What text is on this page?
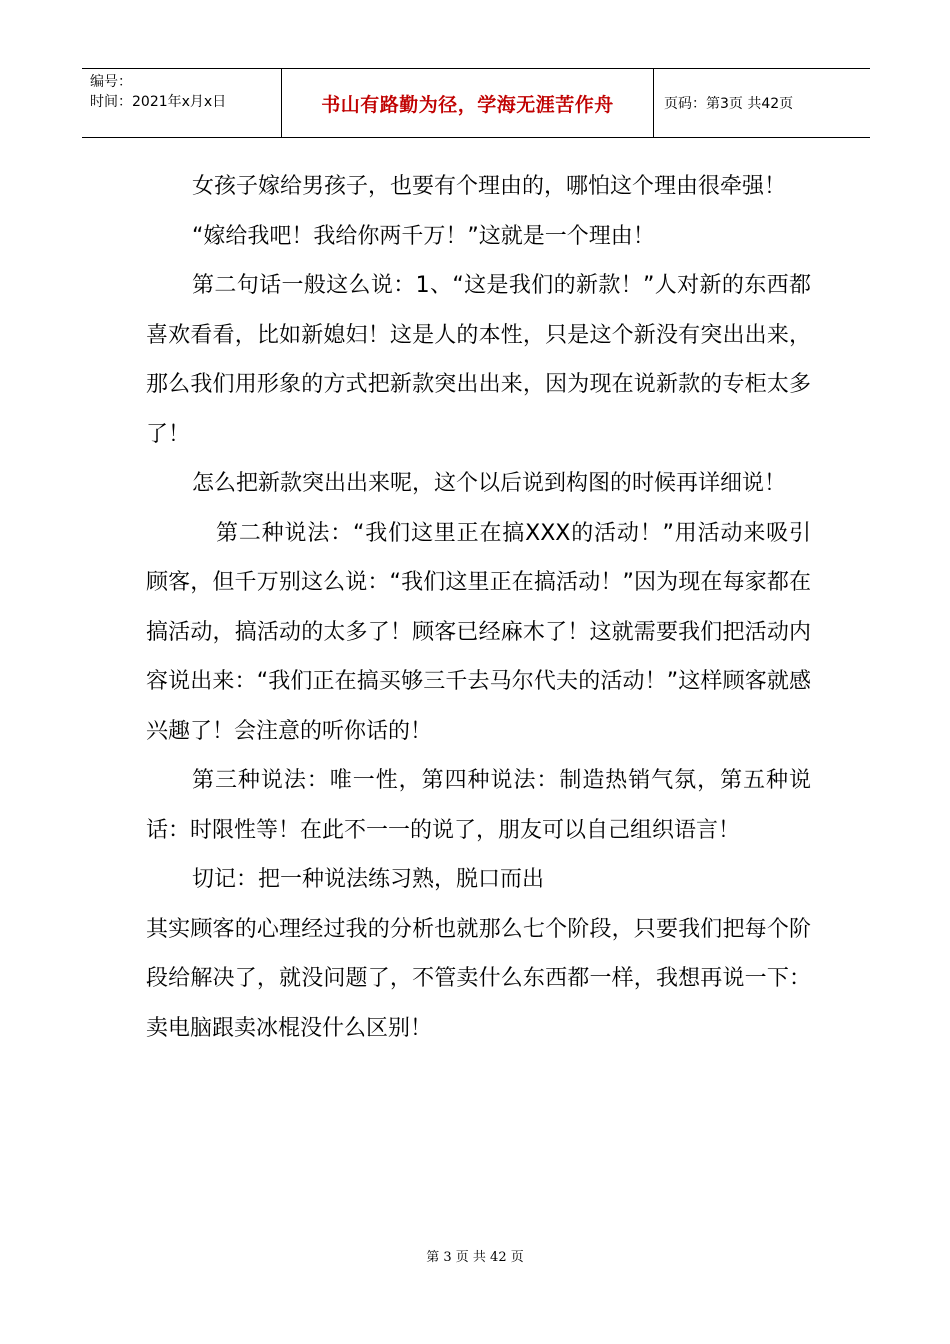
编号：
时间：2021年x月x日	书山有路勤为径，学海无涯苦作舟	页码：第3页 共42页

女孩子嫁给男孩子，也要有个理由的，哪怕这个理由很牵强！

“嫁给我吧！我给你两千万！”这就是一个理由！

第二句话一般这么说：1、“这是我们的新款！”人对新的东西都喜欢看看，比如新媳妇！这是人的本性，只是这个新没有突出出来，那么我们用形象的方式把新款突出出来，因为现在说新款的专柜太多了！

怎么把新款突出出来呢，这个以后说到构图的时候再详细说！

第二种说法：“我们这里正在搞XXX的活动！”用活动来吸引顾客，但千万别这么说：“我们这里正在搞活动！”因为现在每家都在搞活动，搞活动的太多了！顾客已经麻木了！这就需要我们把活动内容说出来：“我们正在搞买够三千去马尔代夫的活动！”这样顾客就感兴趣了！会注意的听你话的！

第三种说法：唯一性，第四种说法：制造热销气氛，第五种说话：时限性等！在此不一一的说了，朋友可以自己组织语言！

切记：把一种说法练习熟，脱口而出

其实顾客的心理经过我的分析也就那么七个阶段，只要我们把每个阶段给解决了，就没问题了，不管卖什么东西都一样，我想再说一下：卖电脑跟卖冰棍没什么区别！

第 3 页 共 42 页
